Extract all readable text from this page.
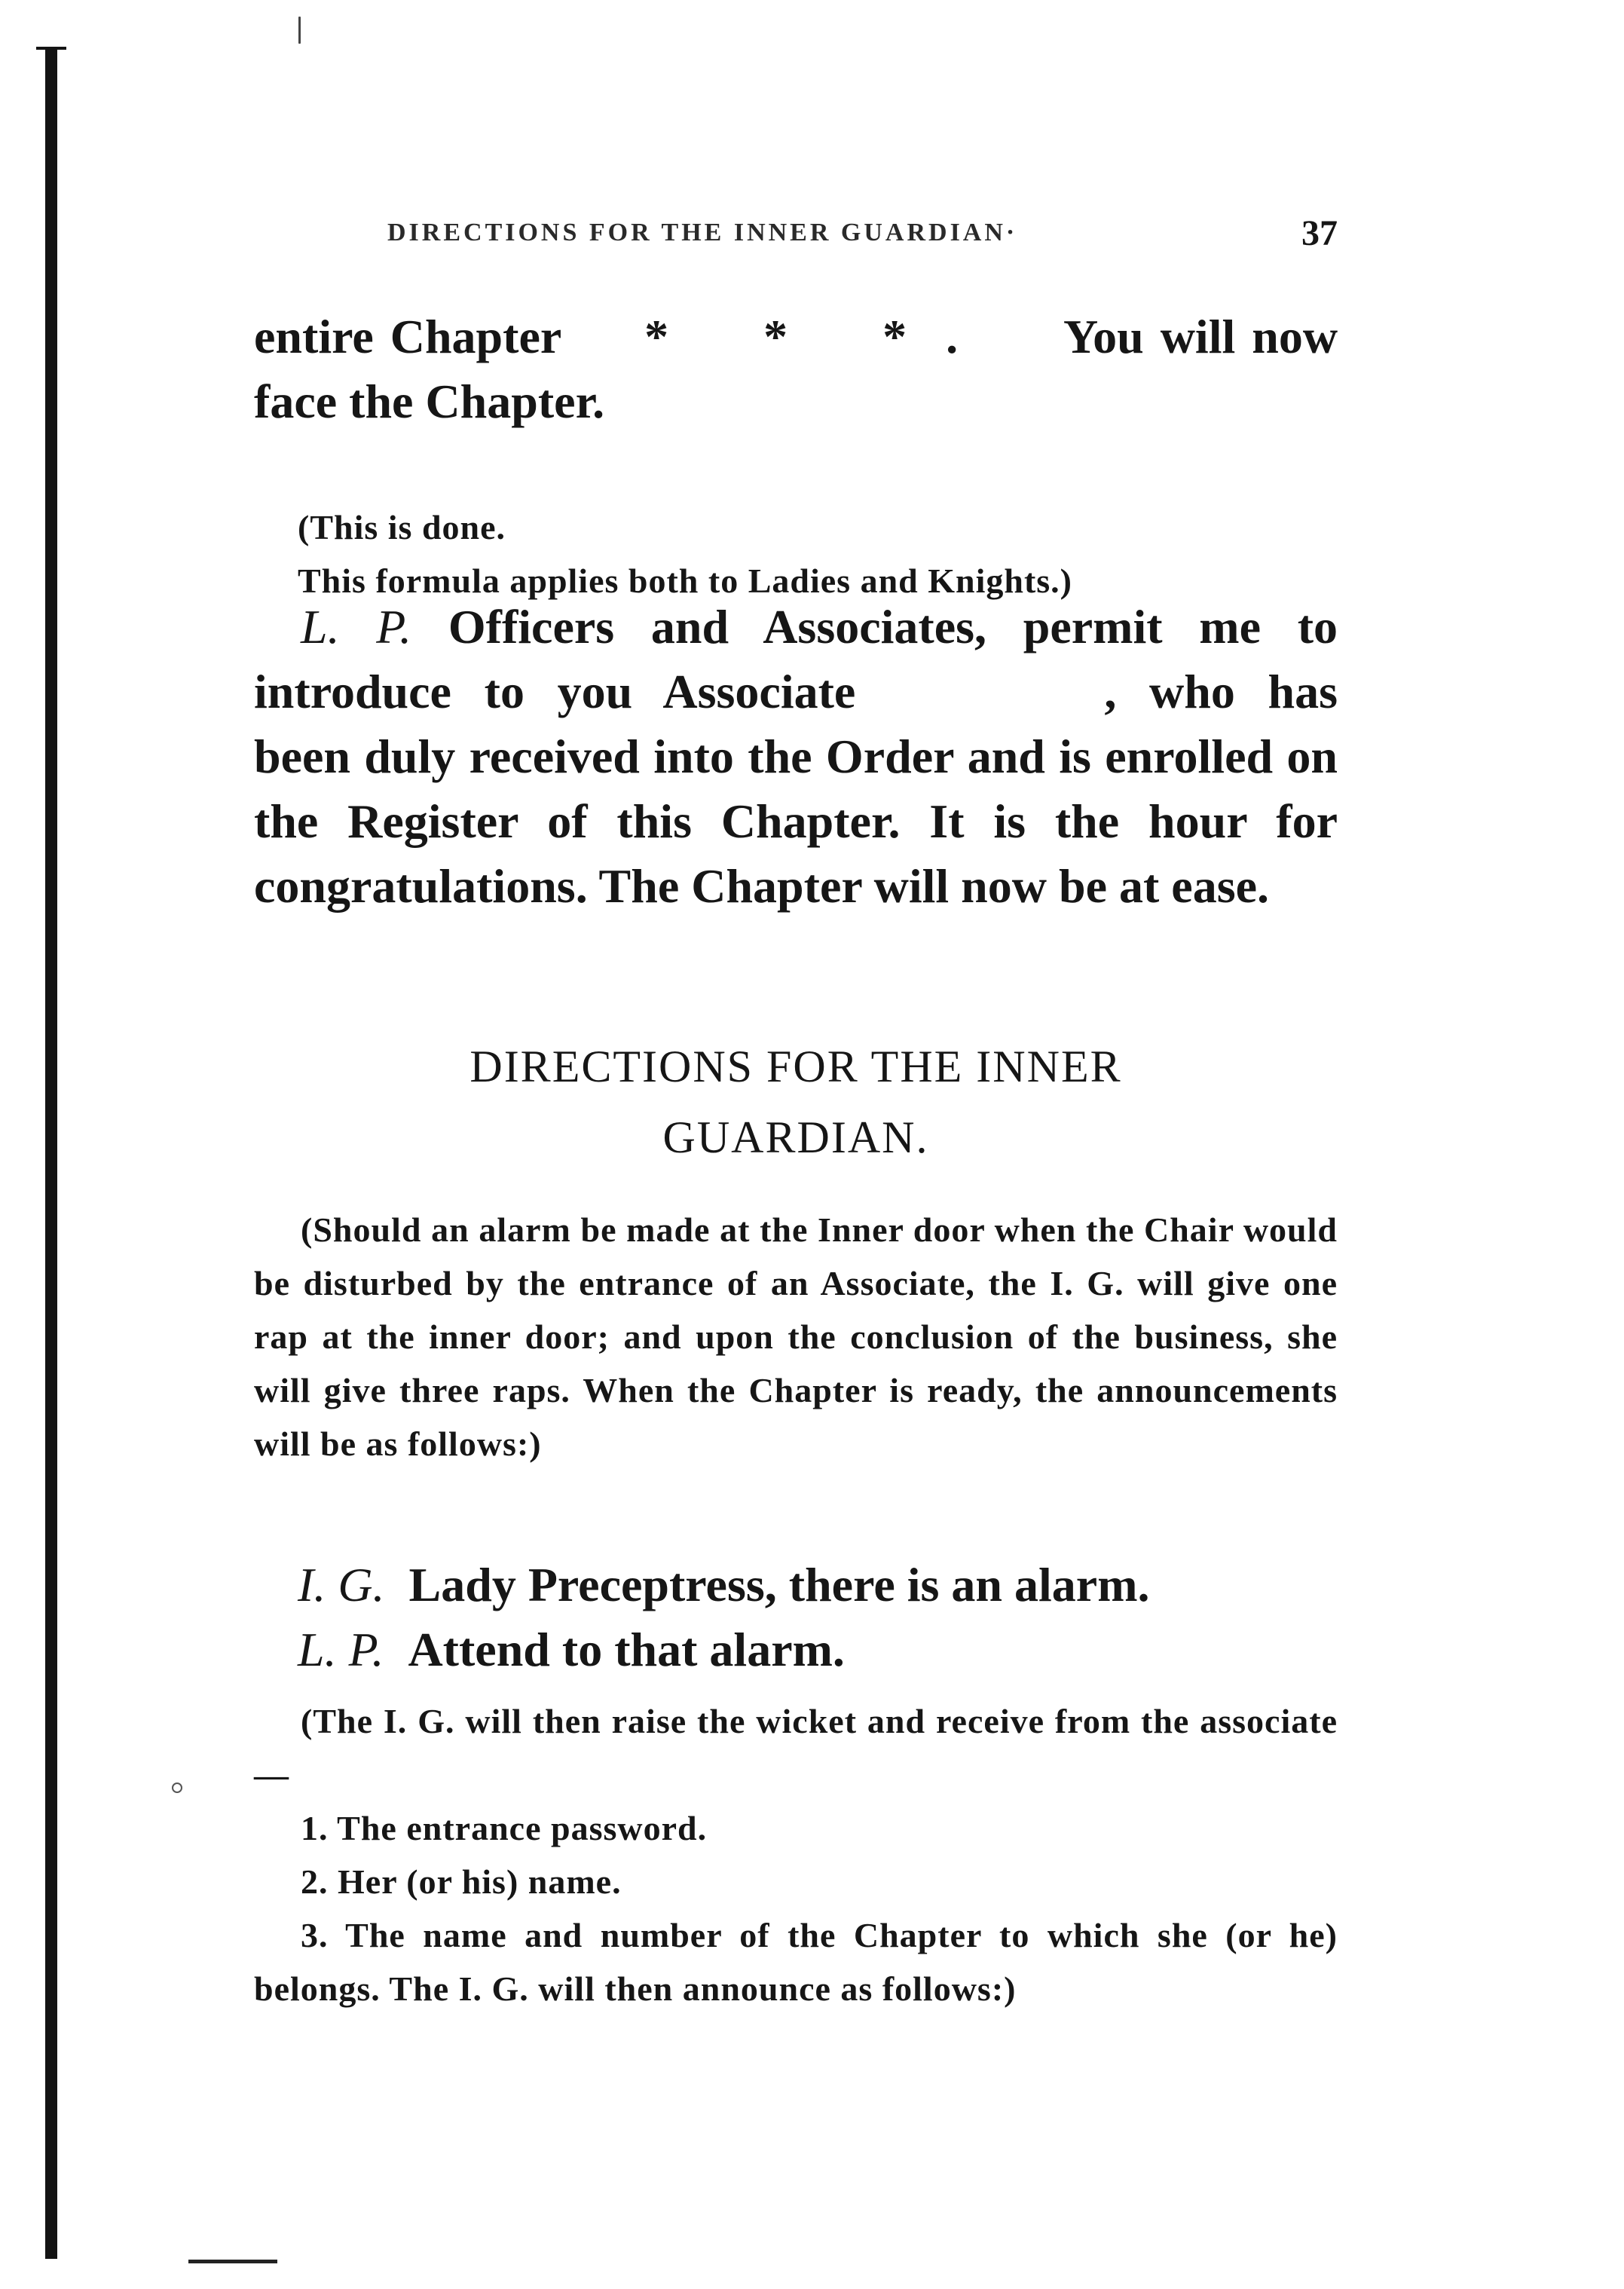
DIRECTIONS FOR THE INNER GUARDIAN·	37

entire Chapter * * *. You will now face the Chapter.

(This is done.
This formula applies both to Ladies and Knights.)

L. P. Officers and Associates, permit me to introduce to you Associate	, who has been duly received into the Order and is enrolled on the Register of this Chapter. It is the hour for congratulations. The Chapter will now be at ease.

DIRECTIONS FOR THE INNER
GUARDIAN.

(Should an alarm be made at the Inner door when the Chair would be disturbed by the entrance of an Associate, the I. G. will give one rap at the inner door; and upon the conclusion of the business, she will give three raps. When the Chapter is ready, the announcements will be as follows:)

I. G. Lady Preceptress, there is an alarm.
L. P. Attend to that alarm.

(The I. G. will then raise the wicket and receive from the associate—

1. The entrance password.

2. Her (or his) name.

3. The name and number of the Chapter to which she (or he) belongs. The I. G. will then announce as follows:)
